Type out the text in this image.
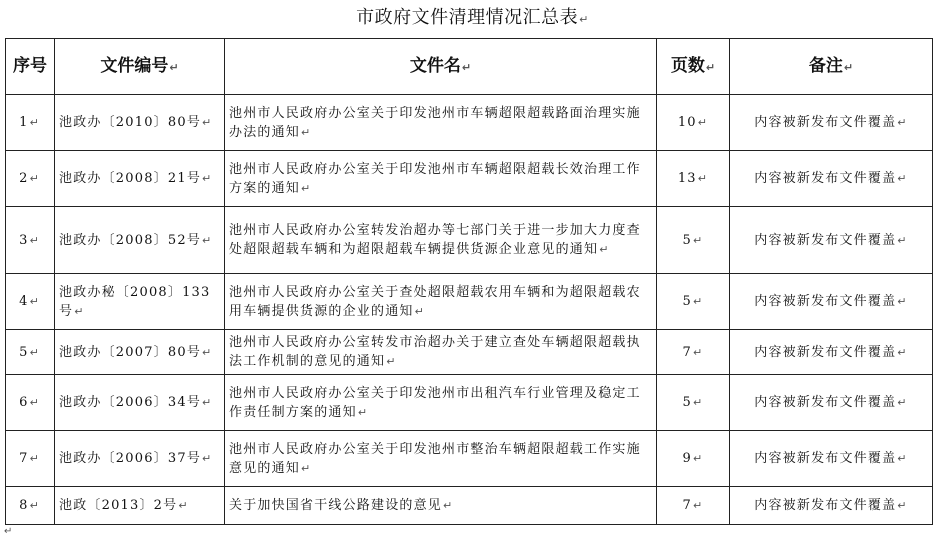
市政府文件清理情况汇总表↵
序号	文件编号↵	文件名↵	页数↵	备注↵
1↵	池政办〔2010〕80号↵	池州市人民政府办公室关于印发池州市车辆超限超载路面治理实施办法的通知↵	10↵	内容被新发布文件覆盖↵
2↵	池政办〔2008〕21号↵	池州市人民政府办公室关于印发池州市车辆超限超载长效治理工作方案的通知↵	13↵	内容被新发布文件覆盖↵
3↵	池政办〔2008〕52号↵	池州市人民政府办公室转发治超办等七部门关于进一步加大力度查处超限超载车辆和为超限超载车辆提供货源企业意见的通知↵	5↵	内容被新发布文件覆盖↵
4↵	池政办秘〔2008〕133号↵	池州市人民政府办公室关于查处超限超载农用车辆和为超限超载农用车辆提供货源的企业的通知↵	5↵	内容被新发布文件覆盖↵
5↵	池政办〔2007〕80号↵	池州市人民政府办公室转发市治超办关于建立查处车辆超限超载执法工作机制的意见的通知↵	7↵	内容被新发布文件覆盖↵
6↵	池政办〔2006〕34号↵	池州市人民政府办公室关于印发池州市出租汽车行业管理及稳定工作责任制方案的通知↵	5↵	内容被新发布文件覆盖↵
7↵	池政办〔2006〕37号↵	池州市人民政府办公室关于印发池州市整治车辆超限超载工作实施意见的通知↵	9↵	内容被新发布文件覆盖↵
8↵	池政〔2013〕2号↵	关于加快国省干线公路建设的意见↵	7↵	内容被新发布文件覆盖↵
↵
